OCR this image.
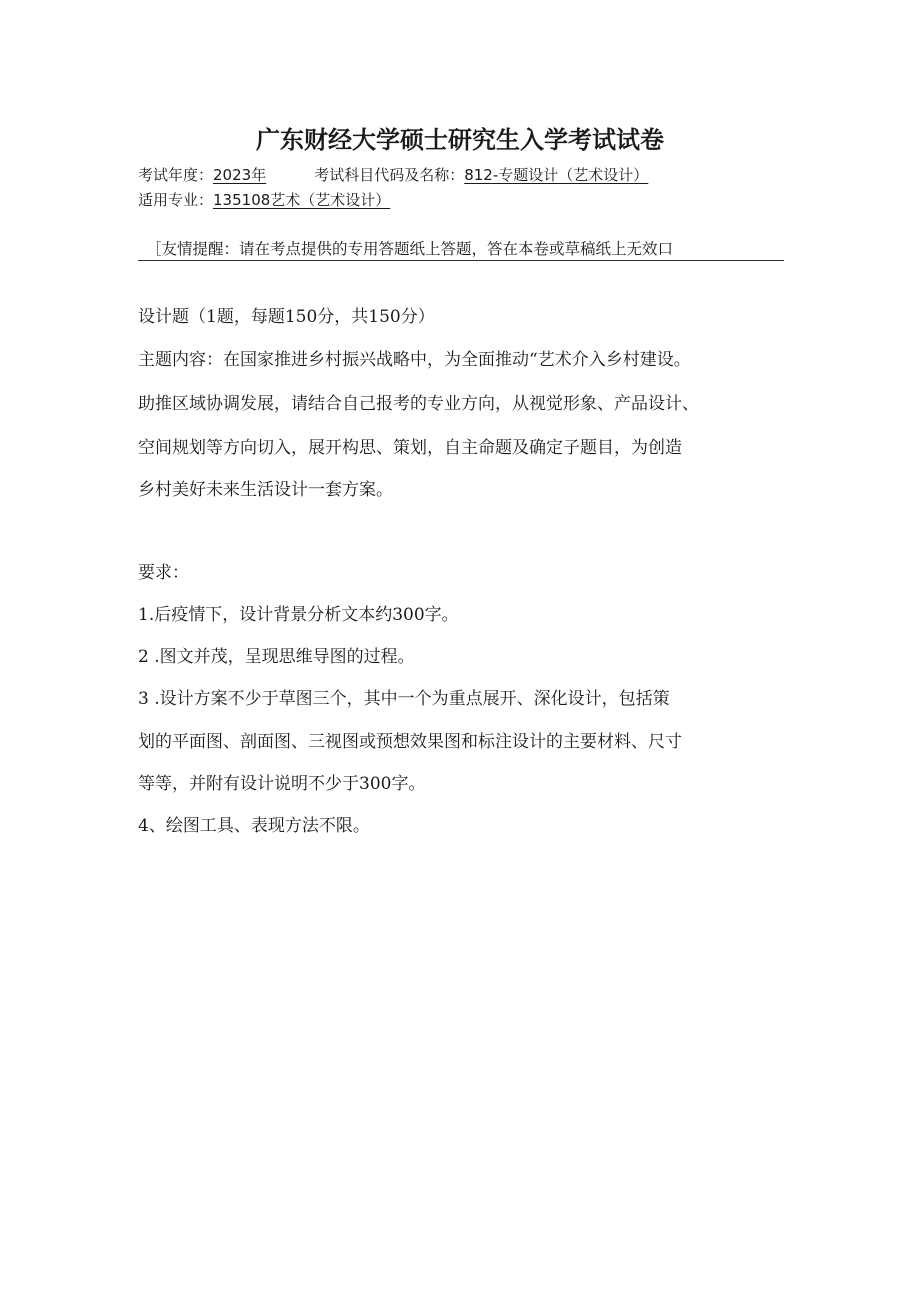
广东财经大学硕士研究生入学考试试卷
考试年度：2023年	考试科目代码及名称：812-专题设计（艺术设计）
适用专业：135108艺术（艺术设计）
［友情提醒：请在考点提供的专用答题纸上答题，答在本卷或草稿纸上无效口
设计题（1题，每题150分，共150分）
主题内容：在国家推进乡村振兴战略中，为全面推动“艺术介入乡村建设。
助推区域协调发展，请结合自己报考的专业方向，从视觉形象、产品设计、
空间规划等方向切入，展开构思、策划，自主命题及确定子题目，为创造
乡村美好未来生活设计一套方案。
要求：
1.后疫情下，设计背景分析文本约300字。
2 .图文并茂，呈现思维导图的过程。
3 .设计方案不少于草图三个，其中一个为重点展开、深化设计，包括策
划的平面图、剖面图、三视图或预想效果图和标注设计的主要材料、尺寸
等等，并附有设计说明不少于300字。
4、绘图工具、表现方法不限。
